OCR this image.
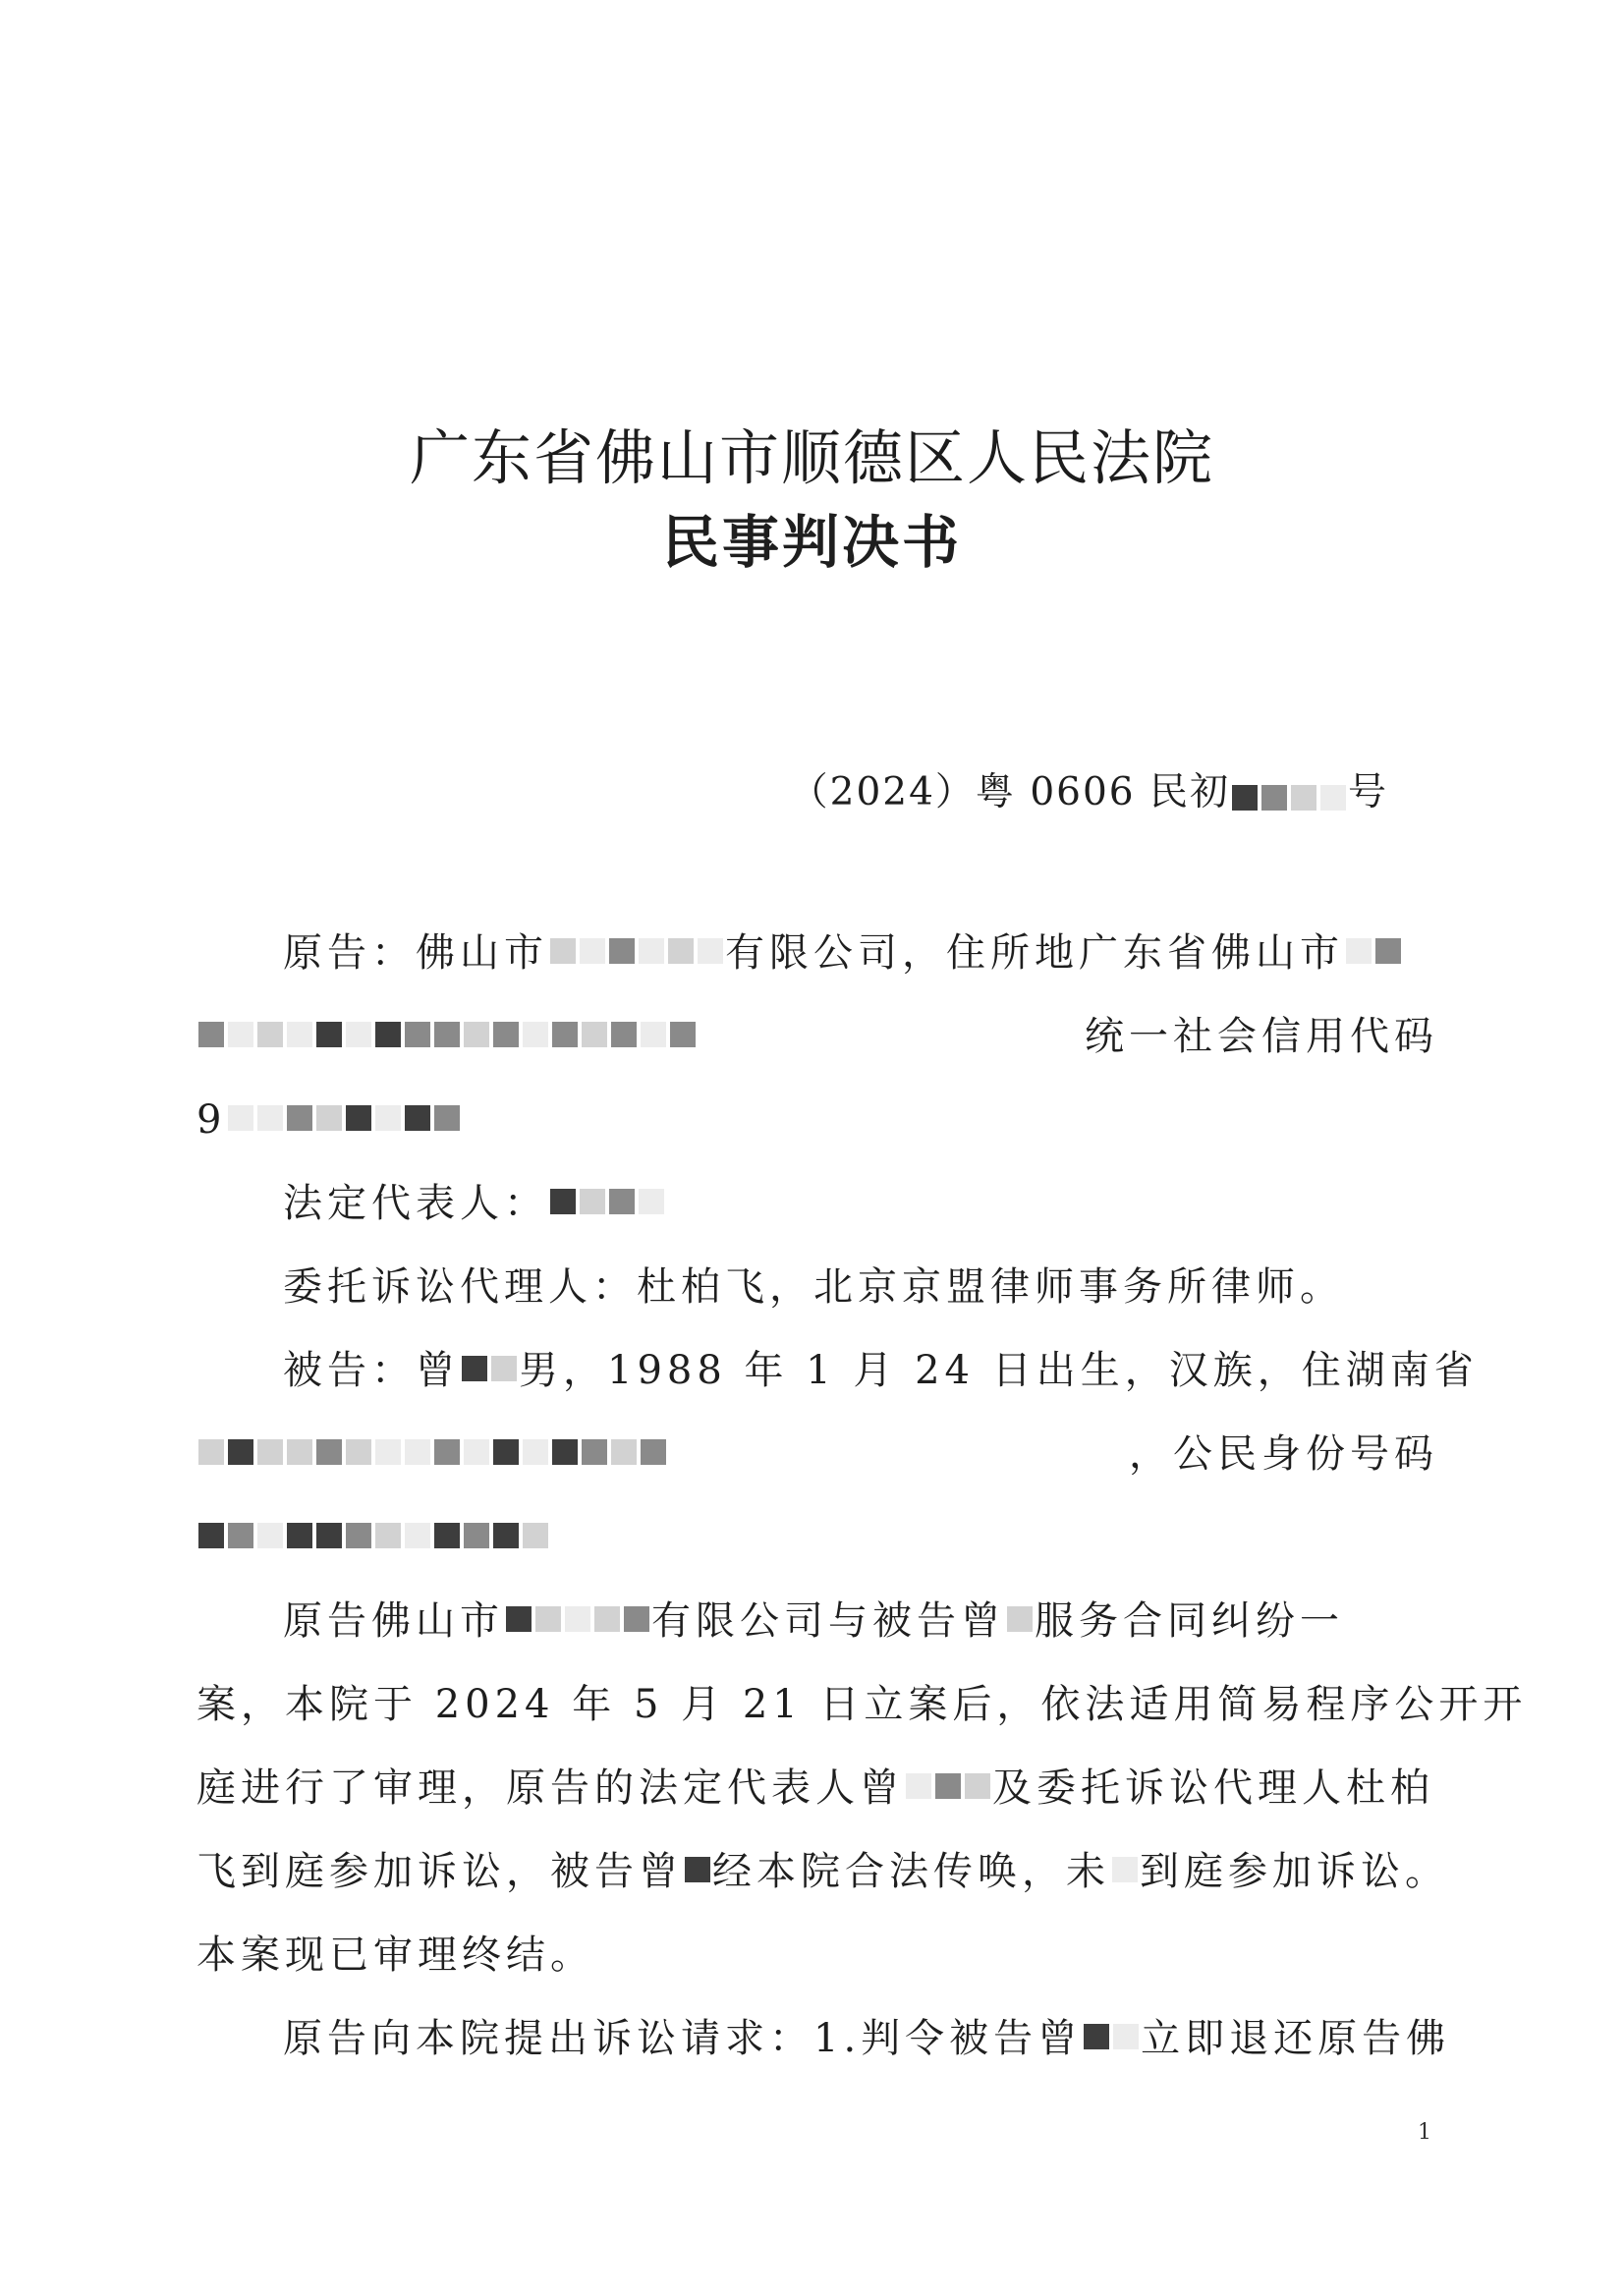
广东省佛山市顺德区人民法院
民事判决书
（2024）粤 0606 民初	号
原告：佛山市	有限公司，住所地广东省佛山市
统一社会信用代码
9
法定代表人：
委托诉讼代理人：杜柏飞，北京京盟律师事务所律师。
被告：曾 男，1988 年 1 月 24 日出生，汉族，住湖南省
，公民身份号码
原告佛山市	有限公司与被告曾 服务合同纠纷一
案，本院于 2024 年 5 月 21 日立案后，依法适用简易程序公开开
庭进行了审理，原告的法定代表人曾 及委托诉讼代理人杜柏
飞到庭参加诉讼，被告曾 经本院合法传唤，未 到庭参加诉讼。
本案现已审理终结。
原告向本院提出诉讼请求：1.判令被告曾 立即退还原告佛
1
